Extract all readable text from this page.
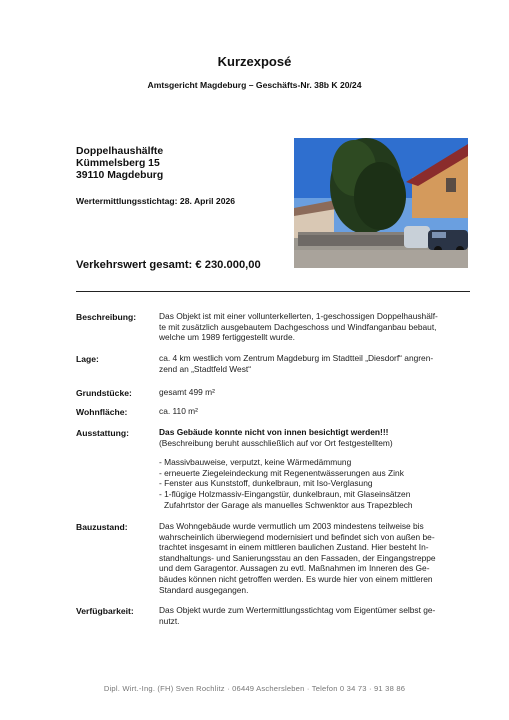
Kurzexposé
Amtsgericht Magdeburg – Geschäfts-Nr. 38b K 20/24
Doppelhaushälfte
Kümmelsberg 15
39110 Magdeburg
Wertermittlungsstichtag: 28. April 2026
Verkehrswert gesamt: € 230.000,00
Beschreibung:	Das Objekt ist mit einer vollunterkellerten, 1-geschossigen Doppelhaushälf-
te mit zusätzlich ausgebautem Dachgeschoss und Windfanganbau bebaut,
welche um 1989 fertiggestellt wurde.
Lage:	ca. 4 km westlich vom Zentrum Magdeburg im Stadtteil „Diesdorf“ angren-
zend an „Stadtfeld West“
Grundstücke:	gesamt 499 m²
Wohnfläche:	ca. 110 m²
Ausstattung:	Das Gebäude konnte nicht von innen besichtigt werden!!!
(Beschreibung beruht ausschließlich auf vor Ort festgestelltem)
- Massivbauweise, verputzt, keine Wärmedämmung
- erneuerte Ziegeleindeckung mit Regenentwässerungen aus Zink
- Fenster aus Kunststoff, dunkelbraun, mit Iso-Verglasung
- 1-flügige Holzmassiv-Eingangstür, dunkelbraun, mit Glaseinsätzen
Zufahrtstor der Garage als manuelles Schwenktor aus Trapezblech
Bauzustand:	Das Wohngebäude wurde vermutlich um 2003 mindestens teilweise bis
wahrscheinlich überwiegend modernisiert und befindet sich von außen be-
trachtet insgesamt in einem mittleren baulichen Zustand. Hier besteht In-
standhaltungs- und Sanierungsstau an den Fassaden, der Eingangstreppe
und dem Garagentor. Aussagen zu evtl. Maßnahmen im Inneren des Ge-
bäudes können nicht getroffen werden. Es wurde hier von einem mittleren
Standard ausgegangen.
Verfügbarkeit:	Das Objekt wurde zum Wertermittlungsstichtag vom Eigentümer selbst ge-
nutzt.
Dipl. Wirt.-Ing. (FH) Sven Rochlitz · 06449 Aschersleben · Telefon 0 34 73 · 91 38 86
